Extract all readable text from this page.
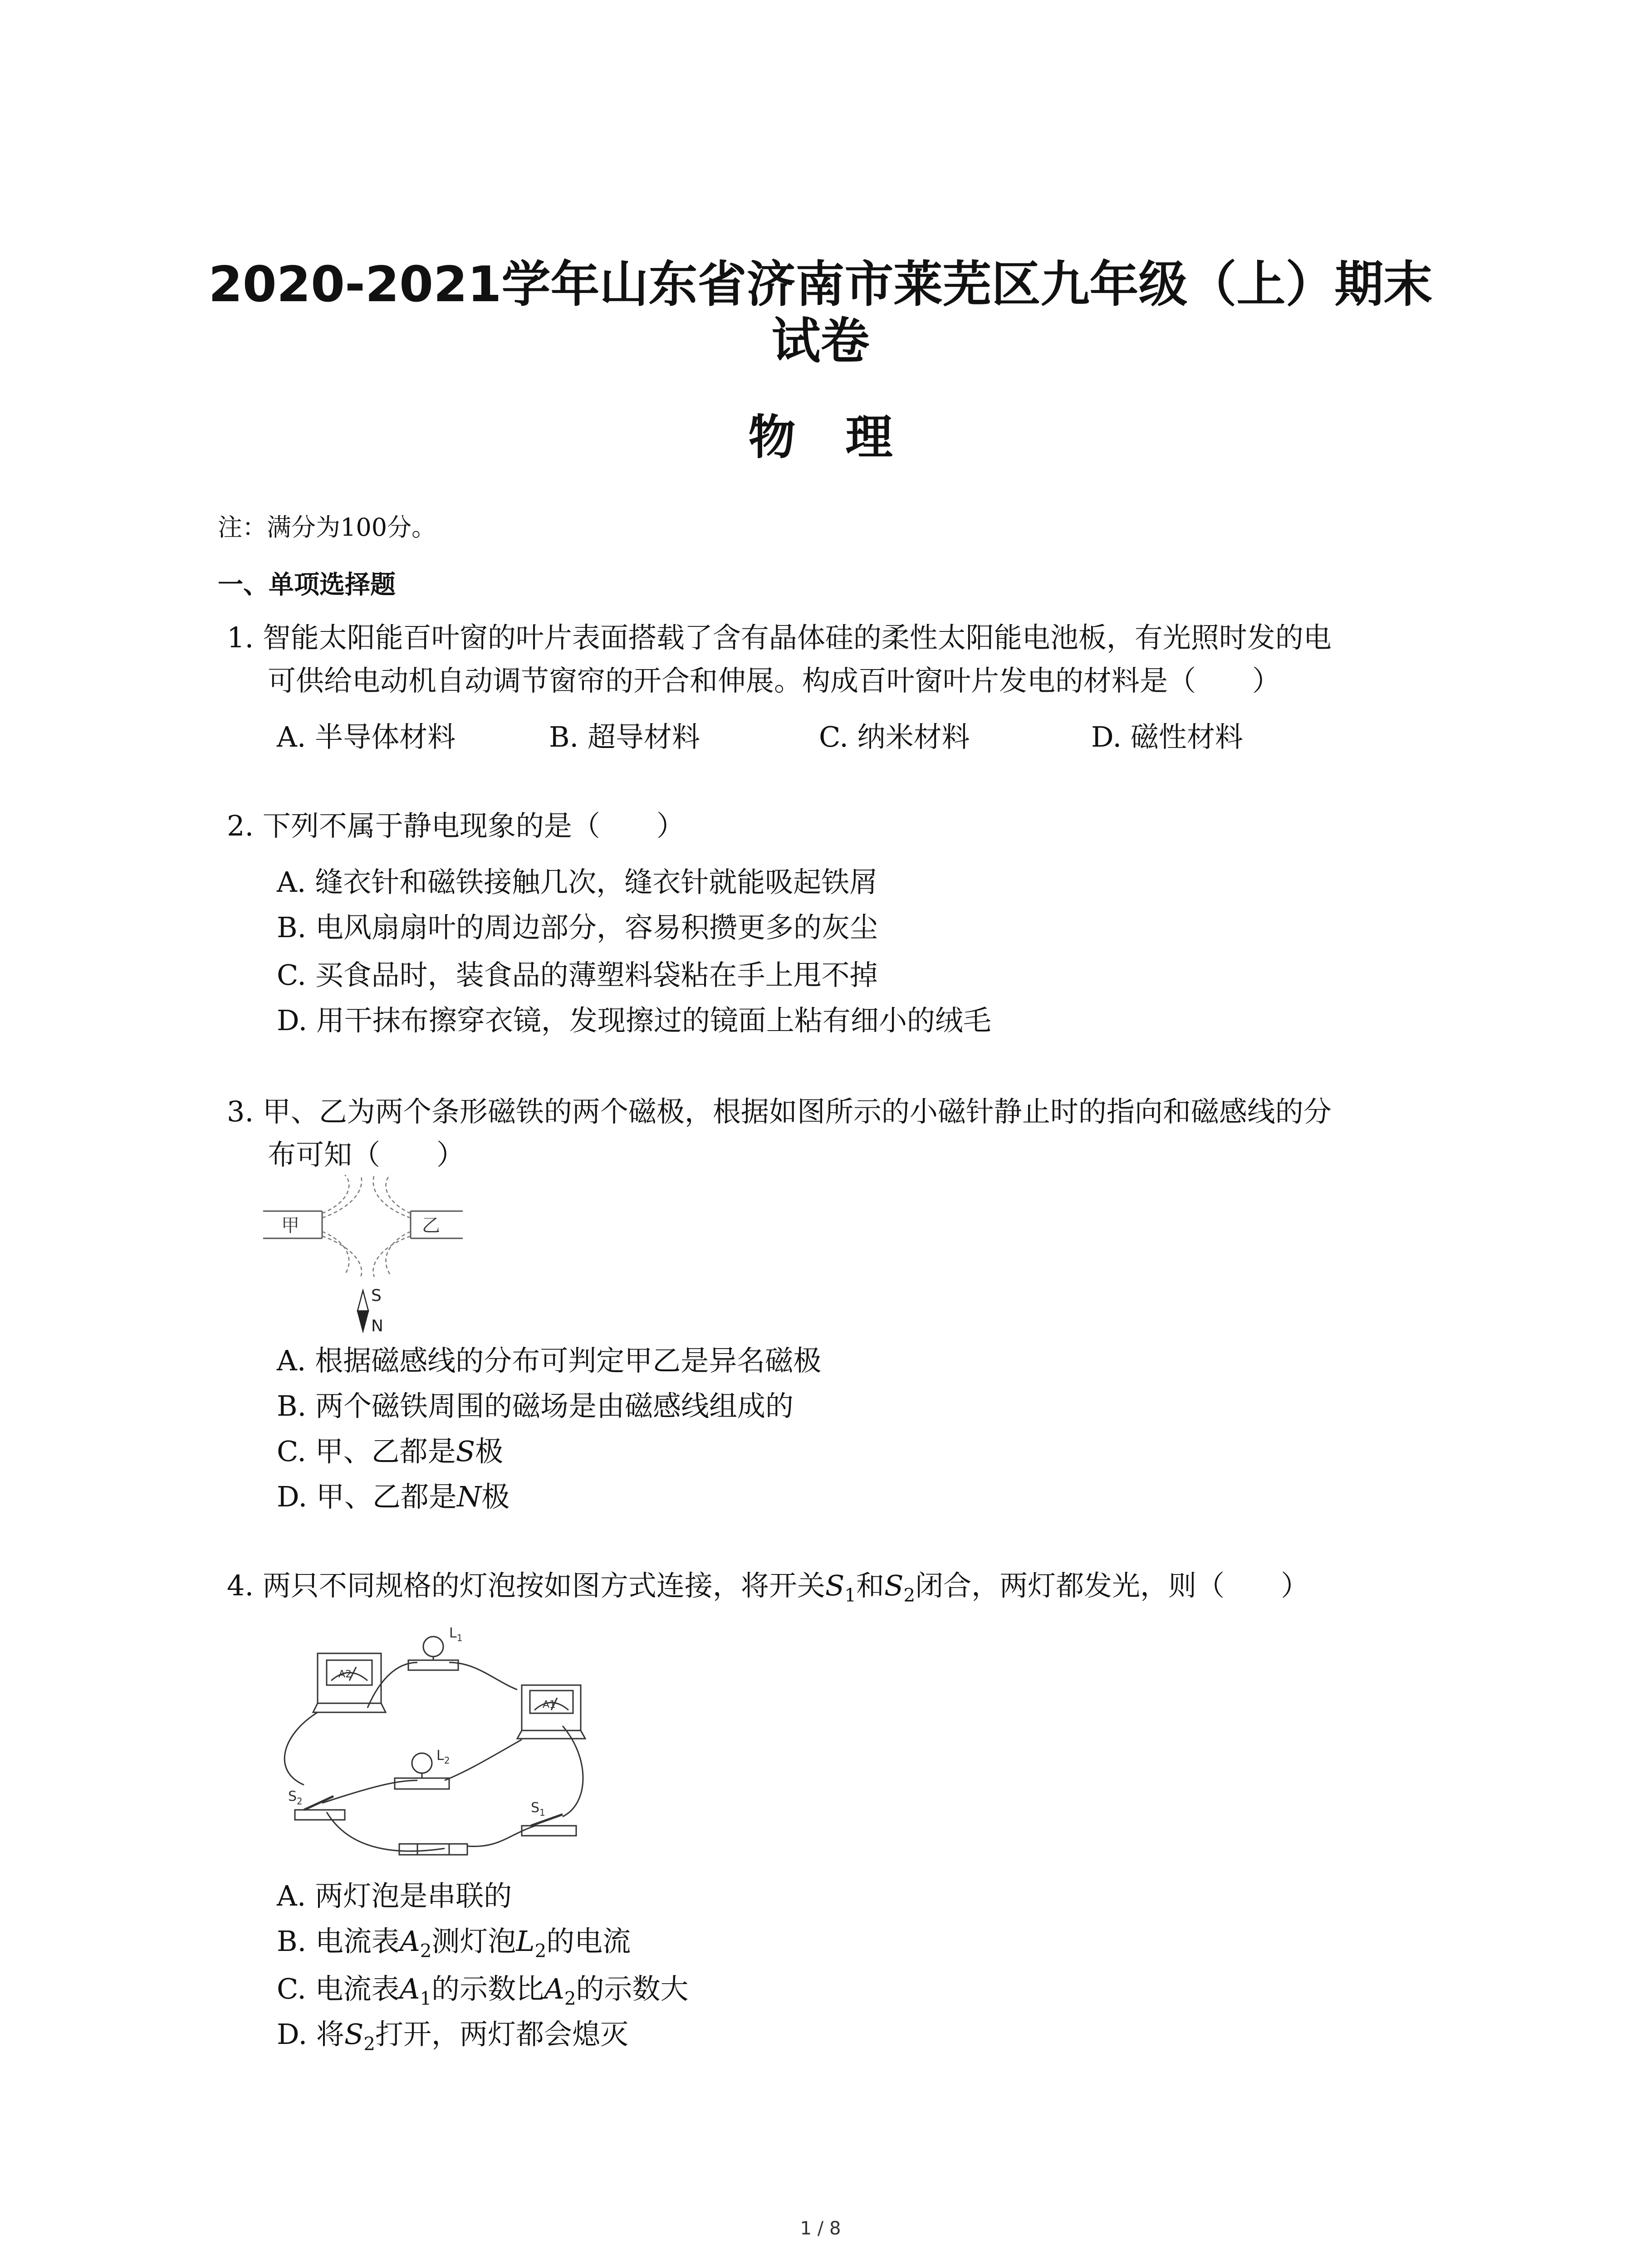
2020-2021学年山东省济南市莱芜区九年级（上）期末
试卷
物理
注：满分为100分。
一、单项选择题
1. 智能太阳能百叶窗的叶片表面搭载了含有晶体硅的柔性太阳能电池板，有光照时发的电
可供给电动机自动调节窗帘的开合和伸展。构成百叶窗叶片发电的材料是（　　）
A. 半导体材料	B. 超导材料	C. 纳米材料	D. 磁性材料
2. 下列不属于静电现象的是（　　）
A. 缝衣针和磁铁接触几次，缝衣针就能吸起铁屑
B. 电风扇扇叶的周边部分，容易积攒更多的灰尘
C. 买食品时，装食品的薄塑料袋粘在手上甩不掉
D. 用干抹布擦穿衣镜，发现擦过的镜面上粘有细小的绒毛
3. 甲、乙为两个条形磁铁的两个磁极，根据如图所示的小磁针静止时的指向和磁感线的分
布可知（　　）
甲	乙
S
N
A. 根据磁感线的分布可判定甲乙是异名磁极
B. 两个磁铁周围的磁场是由磁感线组成的
C. 甲、乙都是S极
D. 甲、乙都是N极
4. 两只不同规格的灯泡按如图方式连接，将开关$S_1$和$S_2$闭合，两灯都发光，则（　　）
A2
A1
$L_1$
$L_2$
$S_2$	$S_1$
A. 两灯泡是串联的
B. 电流表$A_2$测灯泡$L_2$的电流
C. 电流表$A_1$的示数比$A_2$的示数大
D. 将$S_2$打开，两灯都会熄灭
1 / 8
